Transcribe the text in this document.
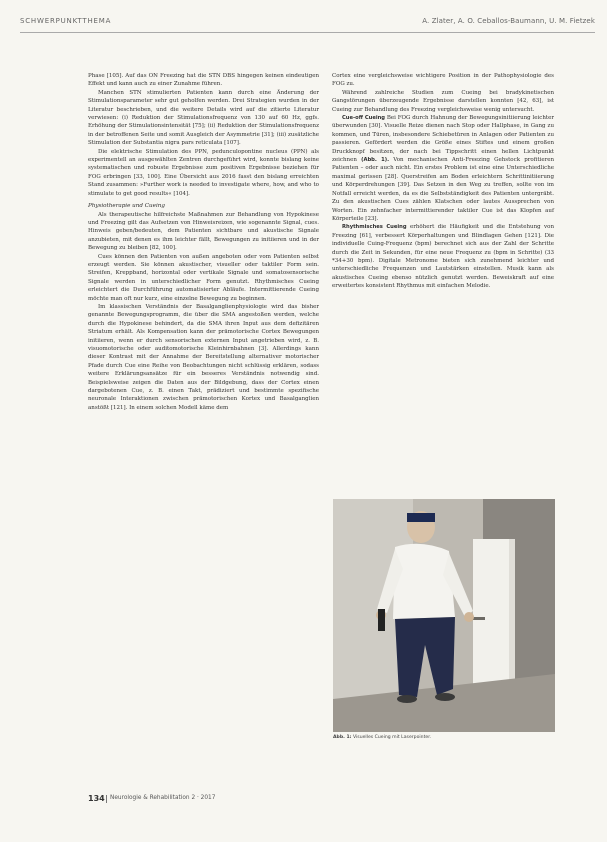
SCHWERPUNKTTHEMA	A. Zlater, A. O. Ceballos-Baumann, U. M. Fietzek

Phase [105]. Auf das ON Freezing hat die STN DBS hingegen keinen eindeutigen Effekt und kann auch zu einer Zunahme führen.

Manchen STN stimulierten Patienten kann durch eine Änderung der Stimulationsparameter sehr gut geholfen werden. Drei Strategien wurden in der Literatur beschrieben, und die weitere Details wird auf die zitierte Literatur verwiesen: (i) Reduktion der Stimulationsfrequenz von 130 auf 60 Hz, ggfs. Erhöhung der Stimulationsintensität [75]; (ii) Reduktion der Stimulationsfrequenz in der betroffenen Seite und somit Ausgleich der Asymmetrie [31]; (iii) zusätzliche Stimulation der Substantia nigra pars reticulata [107].

Die elektrische Stimulation des PPN, pedunculopontine nucleus (PPN) als experimentell an ausgewählten Zentren durchgeführt wird, konnte bislang keine systematischen und robuste Ergebnisse zum positiven Ergebnisse beziehen für FOG erbringen [33, 100]. Eine Übersicht aus 2016 fasst den bislang erreichten Stand zusammen: »Further work is needed to investigate where, how, and who to stimulate to get good results« [104].

Physiotherapie und Cueing

Als therapeutische hilfreichste Maßnahmen zur Behandlung von Hypokinese und Freezing gilt das Aufsetzen von Hinweisreizen, wie sogenannte Signal, cues. Hinweis geben/bedeuten, dem Patienten sichtbare und akustische Signale anzubieten, mit denen es ihm leichter fällt, Bewegungen zu initiieren und in der Bewegung zu bleiben [82, 100].

Cues können den Patienten von außen angeboten oder vom Patienten selbst erzeugt werden. Sie können akustischer, visueller oder taktiler Form sein. Streifen, Kreppband, horizontal oder vertikale Signale und somatosensorische Signale werden in unterschiedlicher Form genutzt. Rhythmisches Cueing erleichtert die Durchführung automatisierter Abläufe. Intermittierende Cueing möchte man oft nur kurz, eine einzelne Bewegung zu beginnen.

Im klassischen Verständnis der Basalganglienphysiologie wird das bisher genannte Bewegungsprogramm, die über die SMA angestoßen werden, welche durch die Hypokinese behindert, da die SMA ihren Input aus dem defizitären Striatum erhält. Als Kompensation kann der prämotorische Cortex Bewegungen initiieren, wenn er durch sensorischen externen Input angetrieben wird, z. B. visuomotorische oder auditomotorische Kleinhirnbahnen [3]. Allerdings kann dieser Kontrast mit der Annahme der Bereitstellung alternativer motorischer Pfade durch Cue eine Reihe von Beobachtungen nicht schlüssig erklären, sodass weitere Erklärungsansätze für ein besseres Verständnis notwendig sind. Beispielsweise zeigen die Daten aus der Bildgebung, dass der Cortex einen dargebotenen Cue, z. B. einen Takt, prädiziert und bestimmte spezifische neuronale Interaktionen zwischen prämotorischen Kortex und Basalganglien anstößt [121]. In einem solchen Modell käme dem

Cortex eine vergleichsweise wichtigere Position in der Pathophysiologie des FOG zu.

Während zahlreiche Studien zum Cueing bei bradykinetischen Gangstörungen überzeugende Ergebnisse darstellen konnten [42, 63], ist Cueing zur Behandlung des Freezing vergleichsweise wenig untersucht.

Cue-off Cueing Bei FOG durch Hahnung der Bewegungsinitiierung leichter überwunden [30]. Visuelle Reize dienen nach Stop oder Hallphase, in Gang zu kommen, und Türen, insbesondere Schiebetüren in Anlagen oder Patienten zu passieren. Gefördert werden die Größe eines Stiftes und einem großen Druckknopf besitzen, der nach bei Tippschritt einen hellen Lichtpunkt zeichnen (Abb. 1). Von mechanischen Anti-Freezing Gehstock profitieren Patienten – oder auch nicht. Ein erstes Problem ist eine eine Unterschiedliche maximal gerissen [28]. Querstreifen am Boden erleichtern Schrittinitiierung und Körperdrehungen [39]. Das Setzen in den Weg zu treffen, sollte von im Notfall erreicht werden, da es die Selbstständigkeit des Patienten untergräbt. Zu den akustischen Cues zählen Klatschen oder lautes Aussprechen von Worten. Ein zehnfacher intermittierender taktiler Cue ist das Klopfen auf Körperteile [23].

Rhythmisches Cueing erhöhert die Häufigkeit und die Entstehung von Freezing [61], verbessert Körperhaltungen und Blindlagen Gehen [121]. Die individuelle Cuing-Frequenz (bpm) berechnet sich aus der Zahl der Schritte durch die Zeit in Sekunden, für eine neue Frequenz zu (bpm in Schritte) (33 *34+30 bpm). Digitale Metronome bieten sich zunehmend leichter und unterschiedliche Frequenzen und Lautstärken einstellen. Musik kann als akustisches Cueing ebenso nützlich genutzt werden. Beweiskraft auf eine erweitertes konsistent Rhythmus mit einfachen Melodie.

Abb. 1: Visuelles Cueing mit Laserpointer.
134 Neurologie & Rehabilitation 2 · 2017
